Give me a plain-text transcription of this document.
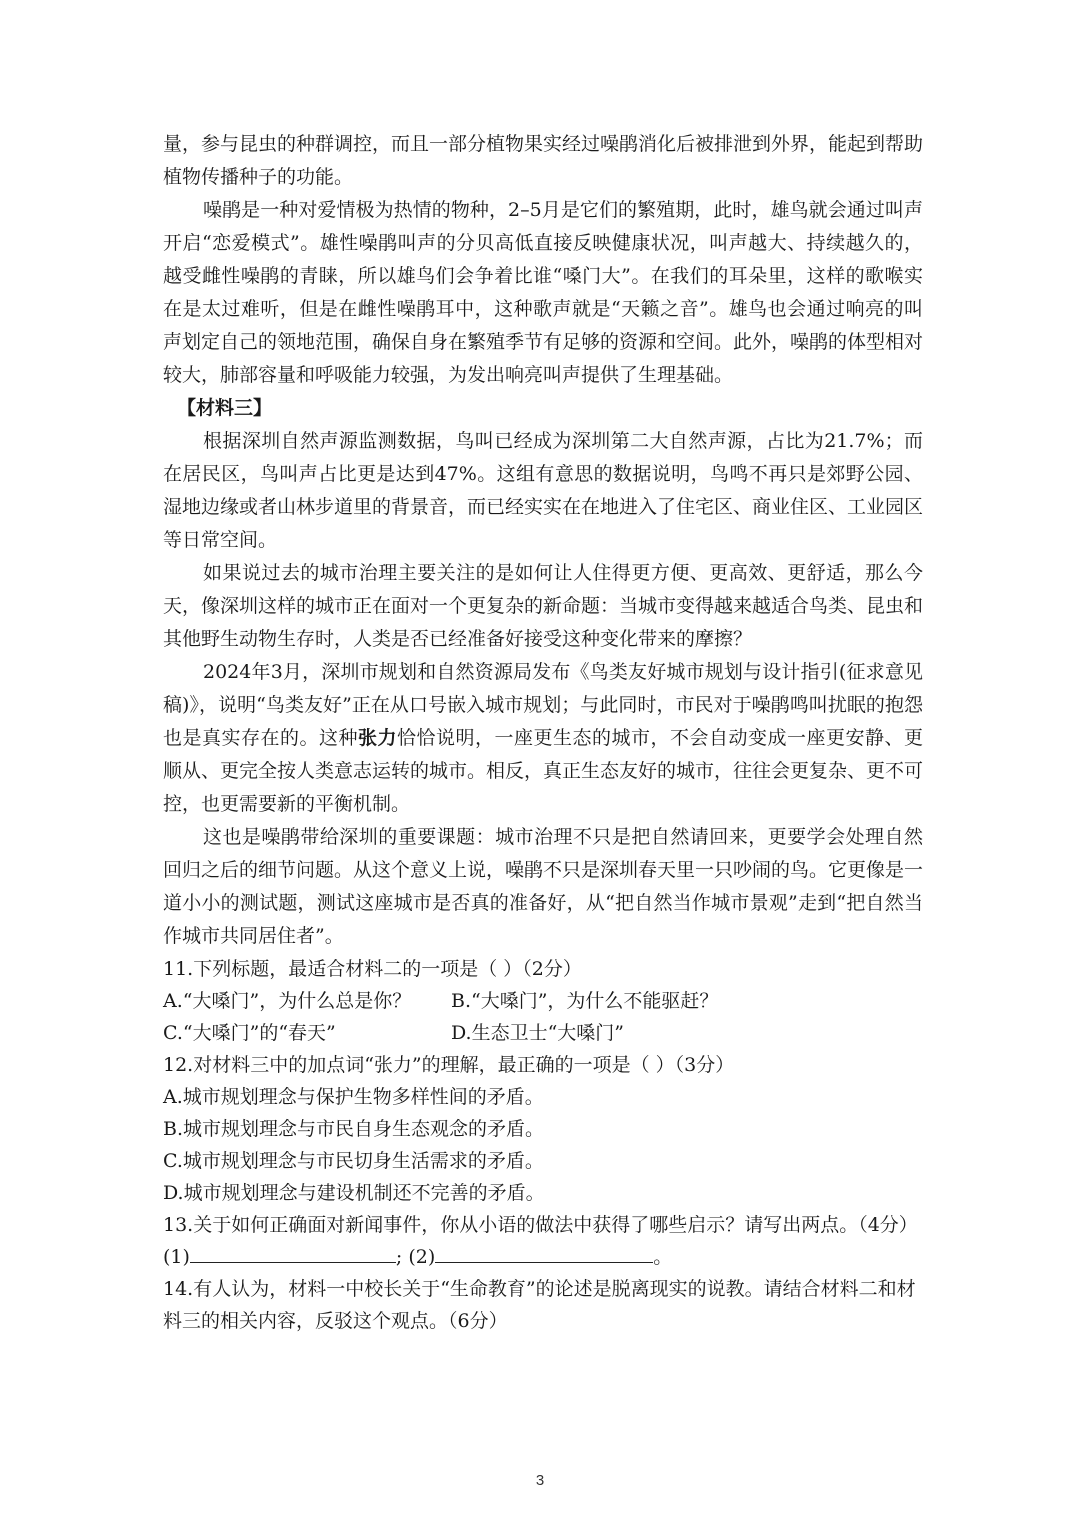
量，参与昆虫的种群调控，而且一部分植物果实经过噪鹃消化后被排泄到外界，能起到帮助植物传播种子的功能。

噪鹃是一种对爱情极为热情的物种，2–5月是它们的繁殖期，此时，雄鸟就会通过叫声开启“恋爱模式”。雄性噪鹃叫声的分贝高低直接反映健康状况，叫声越大、持续越久的，越受雌性噪鹃的青睐，所以雄鸟们会争着比谁“嗓门大”。在我们的耳朵里，这样的歌喉实在是太过难听，但是在雌性噪鹃耳中，这种歌声就是“天籁之音”。雄鸟也会通过响亮的叫声划定自己的领地范围，确保自身在繁殖季节有足够的资源和空间。此外，噪鹃的体型相对较大，肺部容量和呼吸能力较强，为发出响亮叫声提供了生理基础。

【材料三】

根据深圳自然声源监测数据，鸟叫已经成为深圳第二大自然声源，占比为21.7%；而在居民区，鸟叫声占比更是达到47%。这组有意思的数据说明，鸟鸣不再只是郊野公园、湿地边缘或者山林步道里的背景音，而已经实实在在地进入了住宅区、商业住区、工业园区等日常空间。

如果说过去的城市治理主要关注的是如何让人住得更方便、更高效、更舒适，那么今天，像深圳这样的城市正在面对一个更复杂的新命题：当城市变得越来越适合鸟类、昆虫和其他野生动物生存时，人类是否已经准备好接受这种变化带来的摩擦？

2024年3月，深圳市规划和自然资源局发布《鸟类友好城市规划与设计指引(征求意见稿)》，说明“鸟类友好”正在从口号嵌入城市规划；与此同时，市民对于噪鹃鸣叫扰眠的抱怨也是真实存在的。这种张力恰恰说明，一座更生态的城市，不会自动变成一座更安静、更顺从、更完全按人类意志运转的城市。相反，真正生态友好的城市，往往会更复杂、更不可控，也更需要新的平衡机制。

这也是噪鹃带给深圳的重要课题：城市治理不只是把自然请回来，更要学会处理自然回归之后的细节问题。从这个意义上说，噪鹃不只是深圳春天里一只吵闹的鸟。它更像是一道小小的测试题，测试这座城市是否真的准备好，从“把自然当作城市景观”走到“把自然当作城市共同居住者”。

11.下列标题，最适合材料二的一项是（ ）（2分）

A.“大嗓门”，为什么总是你？	B.“大嗓门”，为什么不能驱赶？
C.“大嗓门”的“春天”	D.生态卫士“大嗓门”

12.对材料三中的加点词“张力”的理解，最正确的一项是（ ）（3分）

A.城市规划理念与保护生物多样性间的矛盾。

B.城市规划理念与市民自身生态观念的矛盾。

C.城市规划理念与市民切身生活需求的矛盾。

D.城市规划理念与建设机制还不完善的矛盾。

13.关于如何正确面对新闻事件，你从小语的做法中获得了哪些启示？请写出两点。（4分）

(1)	; (2)	。

14.有人认为，材料一中校长关于“生命教育”的论述是脱离现实的说教。请结合材料二和材料三的相关内容，反驳这个观点。（6分）

3
